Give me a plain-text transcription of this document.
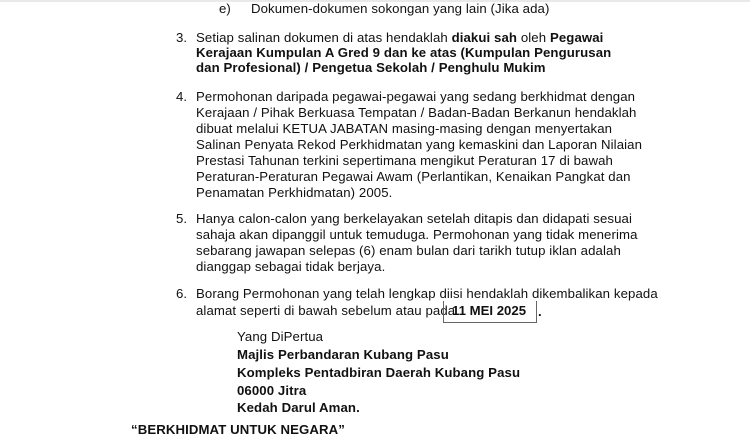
e) Dokumen-dokumen sokongan yang lain (Jika ada)
3. Setiap salinan dokumen di atas hendaklah diakui sah oleh Pegawai
Kerajaan Kumpulan A Gred 9 dan ke atas (Kumpulan Pengurusan
dan Profesional) / Pengetua Sekolah / Penghulu Mukim
4. Permohonan daripada pegawai-pegawai yang sedang berkhidmat dengan
Kerajaan / Pihak Berkuasa Tempatan / Badan-Badan Berkanun hendaklah
dibuat melalui KETUA JABATAN masing-masing dengan menyertakan
Salinan Penyata Rekod Perkhidmatan yang kemaskini dan Laporan Nilaian
Prestasi Tahunan terkini sepertimana mengikut Peraturan 17 di bawah
Peraturan-Peraturan Pegawai Awam (Perlantikan, Kenaikan Pangkat dan
Penamatan Perkhidmatan) 2005.
5. Hanya calon-calon yang berkelayakan setelah ditapis dan didapati sesuai
sahaja akan dipanggil untuk temuduga. Permohonan yang tidak menerima
sebarang jawapan selepas (6) enam bulan dari tarikh tutup iklan adalah
dianggap sebagai tidak berjaya.
6. Borang Permohonan yang telah lengkap diisi hendaklah dikembalikan kepada
alamat seperti di bawah sebelum atau pada
11 MEI 2025 .
Yang DiPertua
Majlis Perbandaran Kubang Pasu
Kompleks Pentadbiran Daerah Kubang Pasu
06000 Jitra
Kedah Darul Aman.
“BERKHIDMAT UNTUK NEGARA”
